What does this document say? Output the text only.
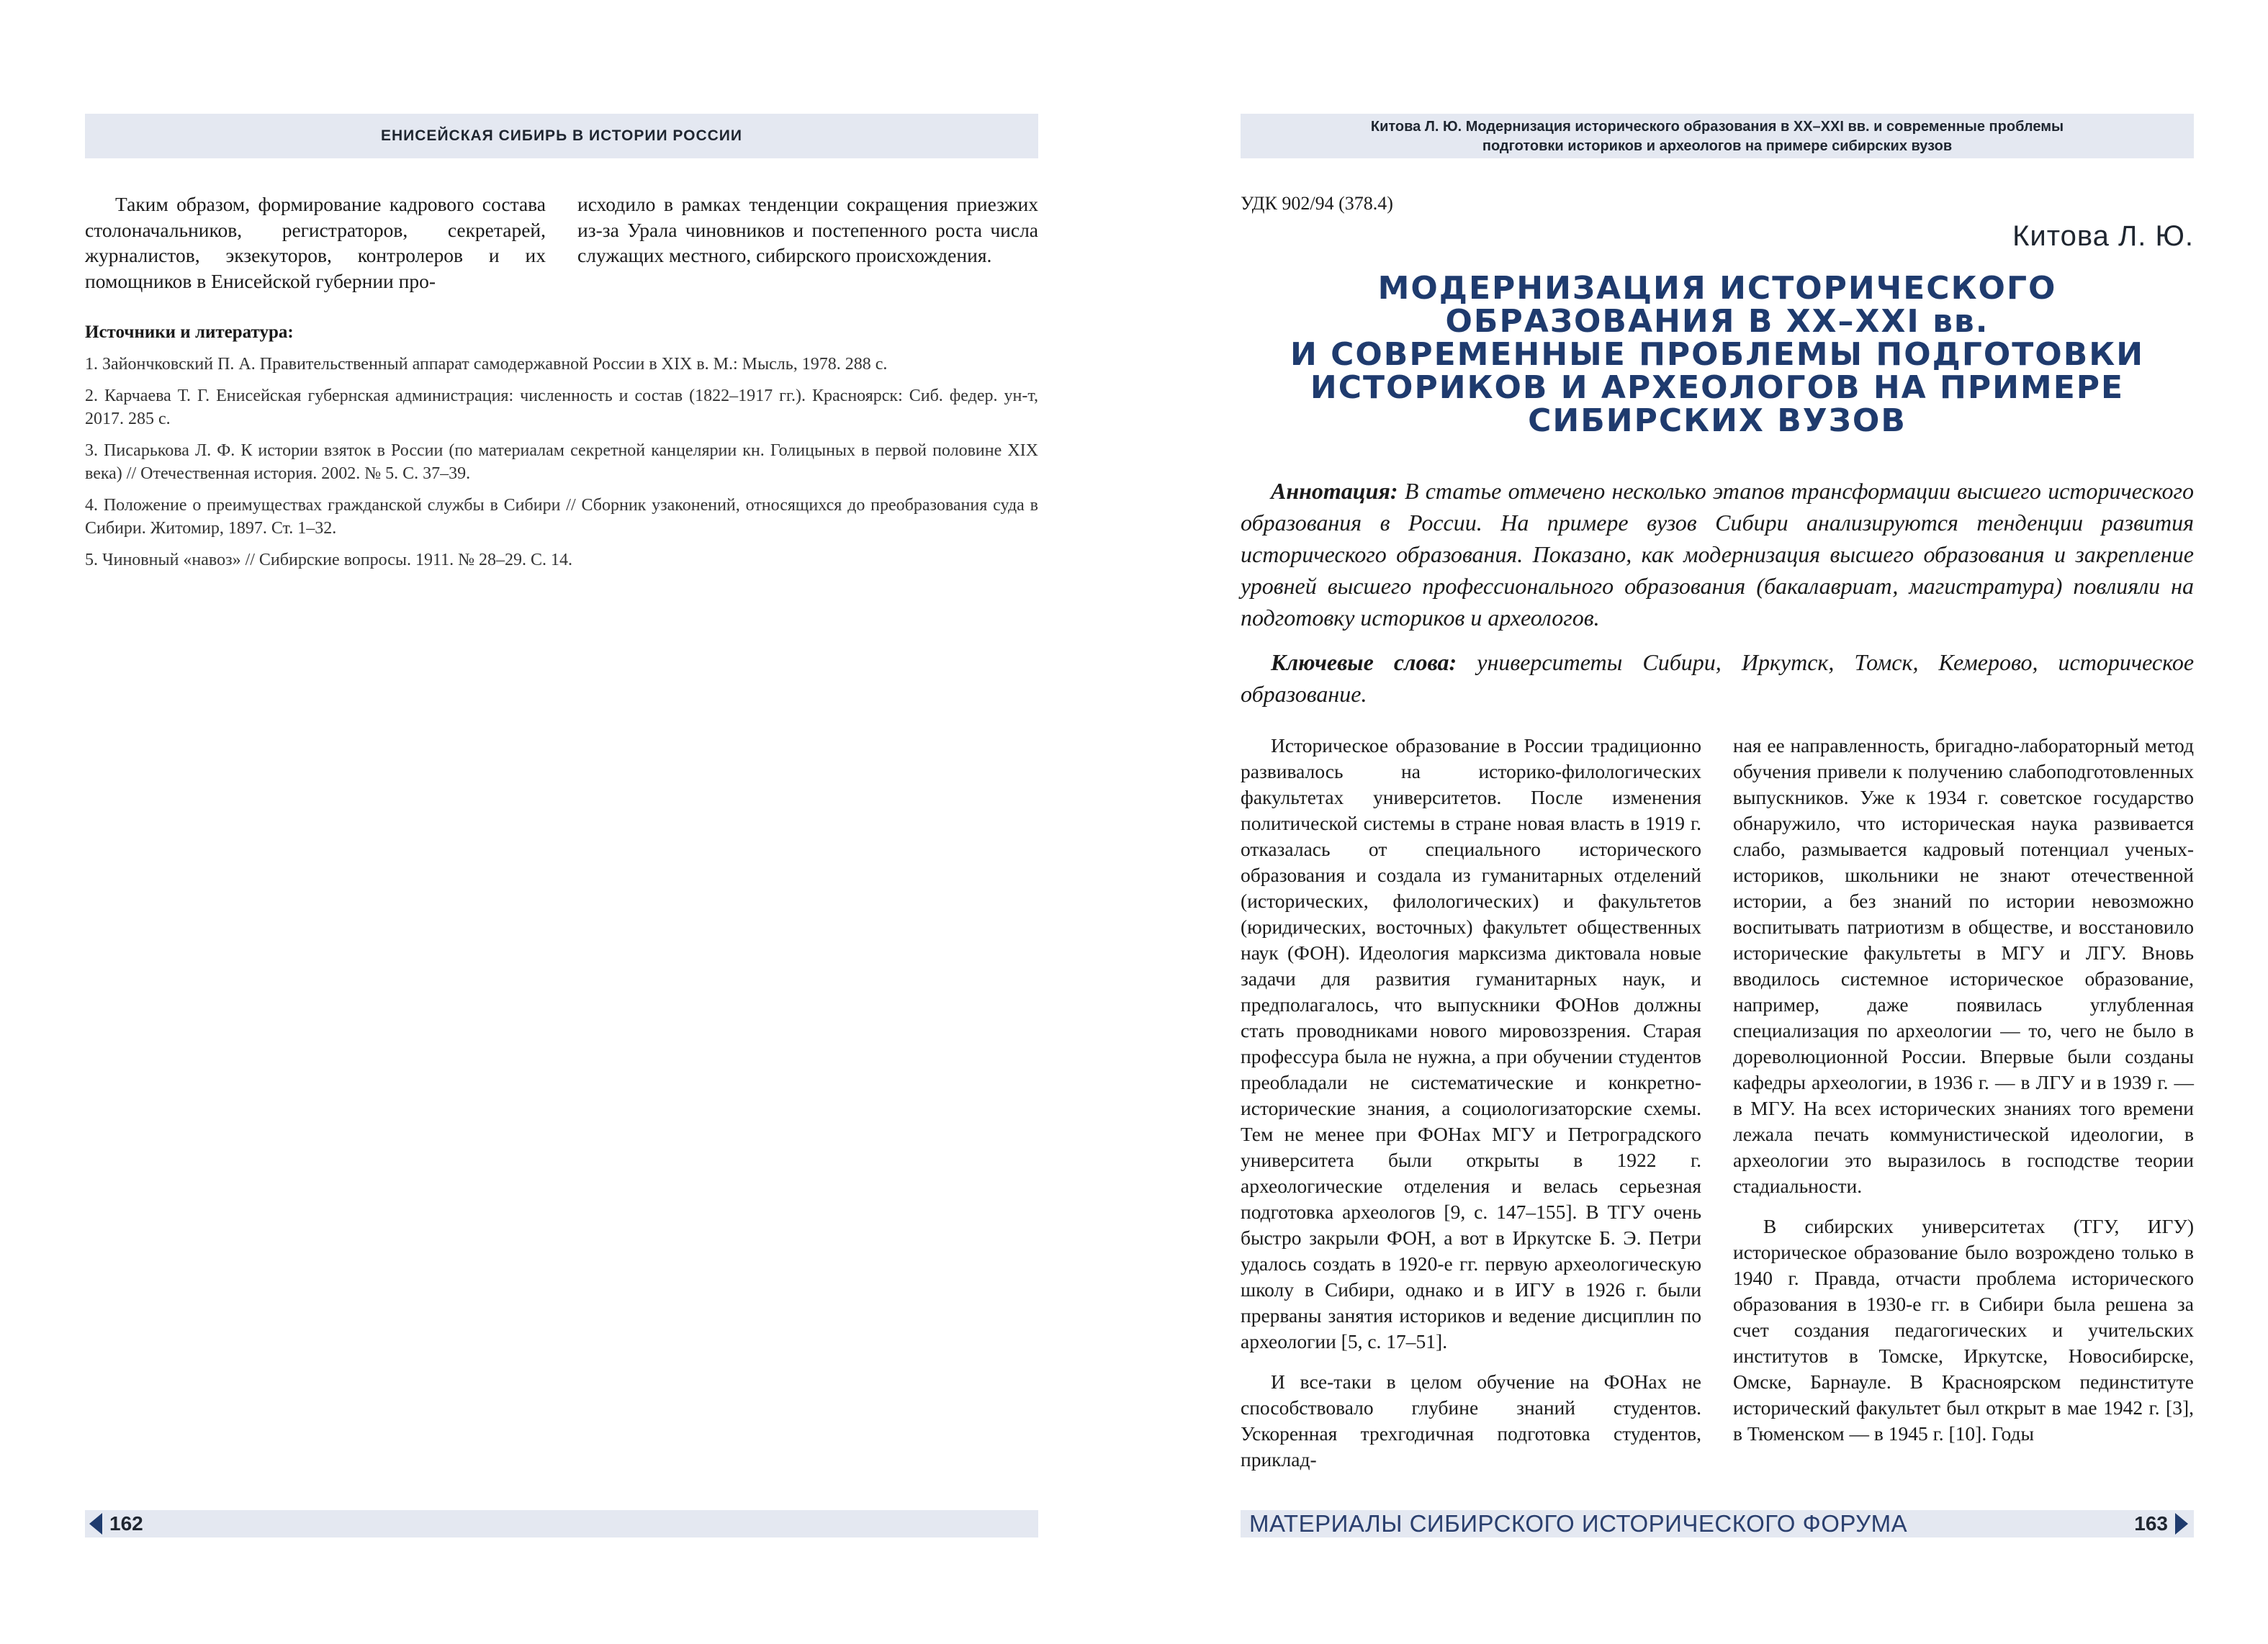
ЕНИСЕЙСКАЯ СИБИРЬ В ИСТОРИИ РОССИИ

Таким образом, формирование кадрового состава столоначальников, регистраторов, секретарей, журналистов, экзекуторов, контролеров и их помощников в Енисейской губернии про-

исходило в рамках тенденции сокращения приезжих из-за Урала чиновников и постепенного роста числа служащих местного, сибирского происхождения.

Источники и литература:
1. Зайончковский П. А. Правительственный аппарат самодержавной России в XIX в. М.: Мысль, 1978. 288 с.
2. Карчаева Т. Г. Енисейская губернская администрация: численность и состав (1822–1917 гг.). Красноярск: Сиб. федер. ун-т, 2017. 285 с.
3. Писарькова Л. Ф. К истории взяток в России (по материалам секретной канцелярии кн. Голицыных в первой половине XIX века) // Отечественная история. 2002. № 5. С. 37–39.
4. Положение о преимуществах гражданской службы в Сибири // Сборник узаконений, относящихся до преобразования суда в Сибири. Житомир, 1897. Ст. 1–32.
5. Чиновный «навоз» // Сибирские вопросы. 1911. № 28–29. С. 14.
162
Китова Л. Ю. Модернизация исторического образования в XX–XXI вв. и современные проблемы
подготовки историков и археологов на примере сибирских вузов
УДК 902/94 (378.4)
Китова Л. Ю.
МОДЕРНИЗАЦИЯ ИСТОРИЧЕСКОГО
ОБРАЗОВАНИЯ В XX–XXI вв.
И СОВРЕМЕННЫЕ ПРОБЛЕМЫ ПОДГОТОВКИ
ИСТОРИКОВ И АРХЕОЛОГОВ НА ПРИМЕРЕ
СИБИРСКИХ ВУЗОВ

Аннотация: В статье отмечено несколько этапов трансформации высшего исторического образования в России. На примере вузов Сибири анализируются тенденции развития исторического образования. Показано, как модернизация высшего образования и закрепление уровней высшего профессионального образования (бакалавриат, магистратура) повлияли на подготовку историков и археологов.

Ключевые слова: университеты Сибири, Иркутск, Томск, Кемерово, историческое образование.

Историческое образование в России традиционно развивалось на историко-филологических факультетах университетов. После изменения политической системы в стране новая власть в 1919 г. отказалась от специального исторического образования и создала из гуманитарных отделений (исторических, филологических) и факультетов (юридических, восточных) факультет общественных наук (ФОН). Идеология марксизма диктовала новые задачи для развития гуманитарных наук, и предполагалось, что выпускники ФОНов должны стать проводниками нового мировоззрения. Старая профессура была не нужна, а при обучении студентов преобладали не систематические и конкретно-исторические знания, а социологизаторские схемы. Тем не менее при ФОНах МГУ и Петроградского университета были открыты в 1922 г. археологические отделения и велась серьезная подготовка археологов [9, с. 147–155]. В ТГУ очень быстро закрыли ФОН, а вот в Иркутске Б. Э. Петри удалось создать в 1920-е гг. первую археологическую школу в Сибири, однако и в ИГУ в 1926 г. были прерваны занятия историков и ведение дисциплин по археологии [5, с. 17–51].

И все-таки в целом обучение на ФОНах не способствовало глубине знаний студентов. Ускоренная трехгодичная подготовка студентов, приклад-

ная ее направленность, бригадно-лабораторный метод обучения привели к получению слабоподготовленных выпускников. Уже к 1934 г. советское государство обнаружило, что историческая наука развивается слабо, размывается кадровый потенциал ученых-историков, школьники не знают отечественной истории, а без знаний по истории невозможно воспитывать патриотизм в обществе, и восстановило исторические факультеты в МГУ и ЛГУ. Вновь вводилось системное историческое образование, например, даже появилась углубленная специализация по археологии — то, чего не было в дореволюционной России. Впервые были созданы кафедры археологии, в 1936 г. — в ЛГУ и в 1939 г. — в МГУ. На всех исторических знаниях того времени лежала печать коммунистической идеологии, в археологии это выразилось в господстве теории стадиальности.

В сибирских университетах (ТГУ, ИГУ) историческое образование было возрождено только в 1940 г. Правда, отчасти проблема исторического образования в 1930-е гг. в Сибири была решена за счет создания педагогических и учительских институтов в Томске, Иркутске, Новосибирске, Омске, Барнауле. В Красноярском пединституте исторический факультет был открыт в мае 1942 г. [3], в Тюменском — в 1945 г. [10]. Годы

МАТЕРИАЛЫ СИБИРСКОГО ИСТОРИЧЕСКОГО ФОРУМА	163
